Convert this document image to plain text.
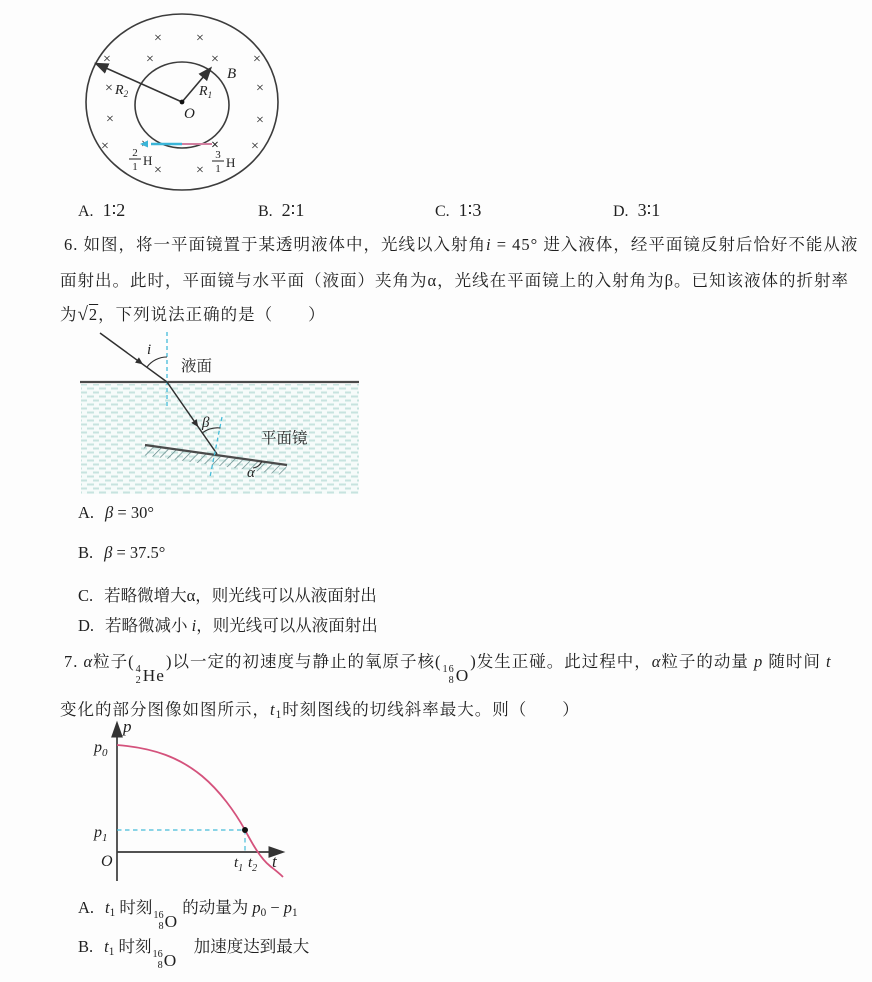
× ×
×	×	× ×
×	×
×	×
×	×
× ×
×
B
O
$R_1$
$R_2$
2
1 H	3
1 H
A. 1∶2	B. 2∶1	C. 1∶3	D. 3∶1
6. 如图，将一平面镜置于某透明液体中，光线以入射角i = 45° 进入液体，经平面镜反射后恰好不能从液
面射出。此时，平面镜与水平面（液面）夹角为α，光线在平面镜上的入射角为β。已知该液体的折射率
为√2，下列说法正确的是（　　）
i
液面
β
平面镜
α
A. β = 30°
B. β = 37.5°
C. 若略微增大α，则光线可以从液面射出
D. 若略微减小 i，则光线可以从液面射出
7. α粒子( 4
2 He
)以一定的初速度与静止的氧原子核( 16
8 O
)发生正碰。此过程中，α粒子的动量 p 随时间 t
变化的部分图像如图所示，t1时刻图线的切线斜率最大。则（　　）
p
t
O
$p_0$
$p_1$
$t_1$ $t_2$
A. t1 时刻 16
8 O
的动量为 p0 − p1
B. t1 时刻 16
8 O
　加速度达到最大
